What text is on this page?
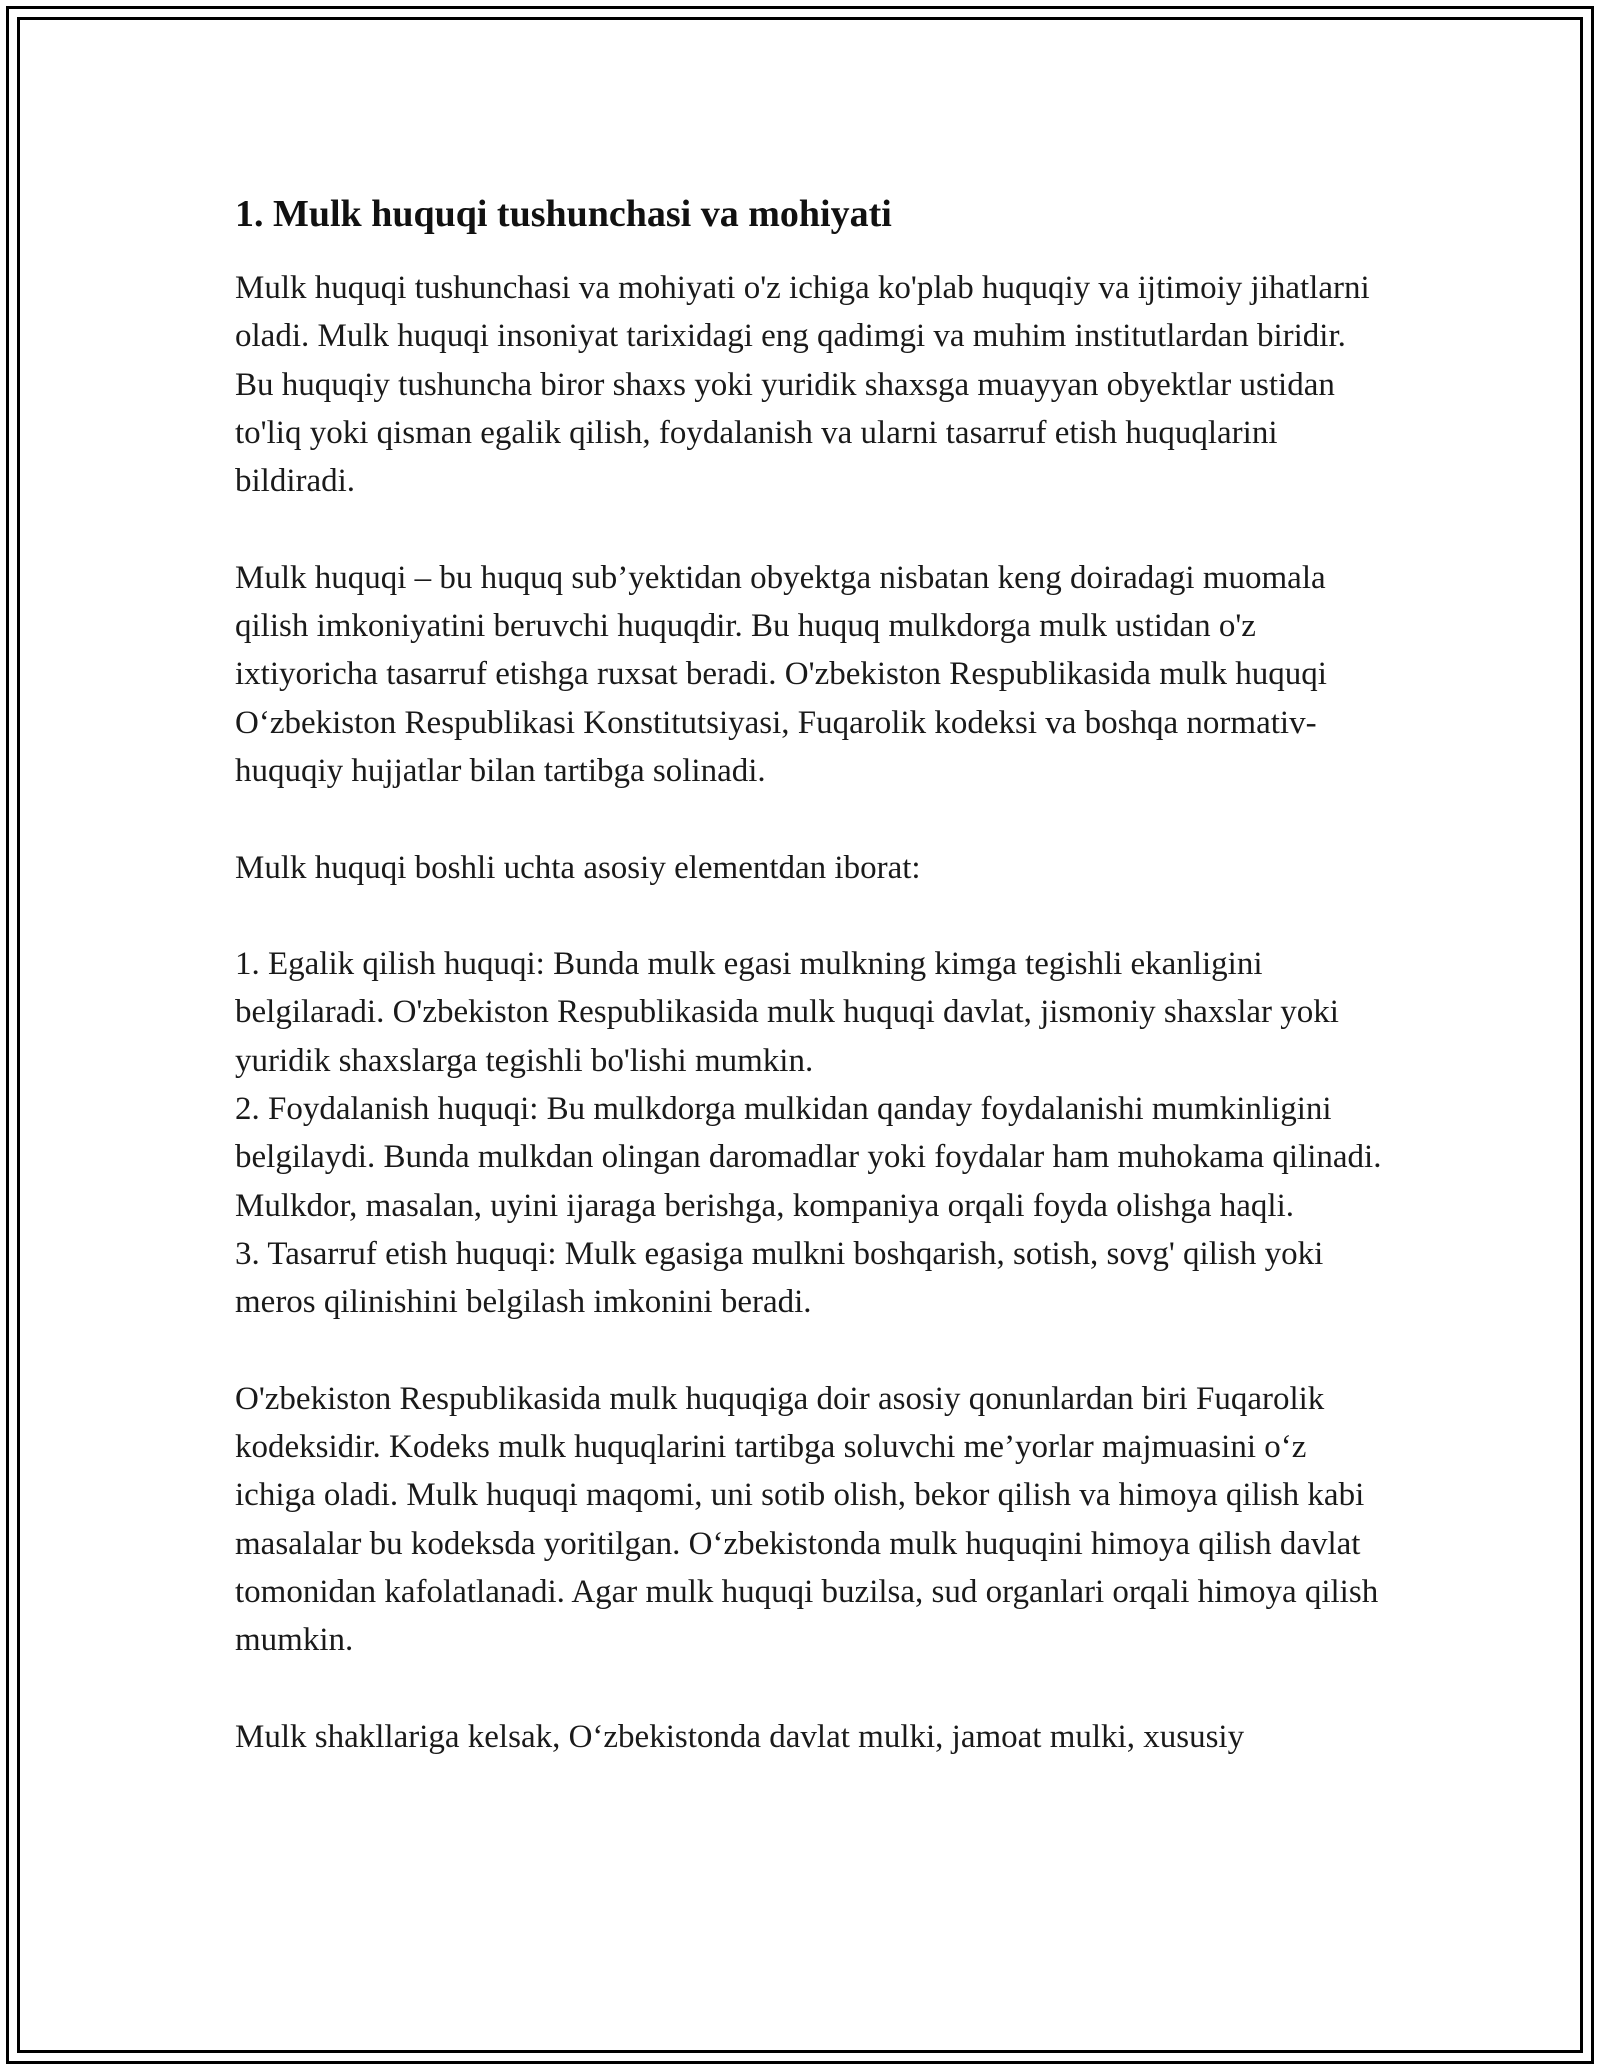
1. Mulk huquqi tushunchasi va mohiyati

Mulk huquqi tushunchasi va mohiyati o'z ichiga ko'plab huquqiy va ijtimoiy jihatlarni oladi. Mulk huquqi insoniyat tarixidagi eng qadimgi va muhim institutlardan biridir. Bu huquqiy tushuncha biror shaxs yoki yuridik shaxsga muayyan obyektlar ustidan to'liq yoki qisman egalik qilish, foydalanish va ularni tasarruf etish huquqlarini bildiradi.

Mulk huquqi – bu huquq sub’yektidan obyektga nisbatan keng doiradagi muomala qilish imkoniyatini beruvchi huquqdir. Bu huquq mulkdorga mulk ustidan o'z ixtiyoricha tasarruf etishga ruxsat beradi. O'zbekiston Respublikasida mulk huquqi O‘zbekiston Respublikasi Konstitutsiyasi, Fuqarolik kodeksi va boshqa normativ-huquqiy hujjatlar bilan tartibga solinadi.

Mulk huquqi boshli uchta asosiy elementdan iborat:

1. Egalik qilish huquqi: Bunda mulk egasi mulkning kimga tegishli ekanligini belgilaradi. O'zbekiston Respublikasida mulk huquqi davlat, jismoniy shaxslar yoki yuridik shaxslarga tegishli bo'lishi mumkin.

2. Foydalanish huquqi: Bu mulkdorga mulkidan qanday foydalanishi mumkinligini belgilaydi. Bunda mulkdan olingan daromadlar yoki foydalar ham muhokama qilinadi. Mulkdor, masalan, uyini ijaraga berishga, kompaniya orqali foyda olishga haqli.

3. Tasarruf etish huquqi: Mulk egasiga mulkni boshqarish, sotish, sovg' qilish yoki meros qilinishini belgilash imkonini beradi.

O'zbekiston Respublikasida mulk huquqiga doir asosiy qonunlardan biri Fuqarolik kodeksidir. Kodeks mulk huquqlarini tartibga soluvchi me’yorlar majmuasini o‘z ichiga oladi. Mulk huquqi maqomi, uni sotib olish, bekor qilish va himoya qilish kabi masalalar bu kodeksda yoritilgan. O‘zbekistonda mulk huquqini himoya qilish davlat tomonidan kafolatlanadi. Agar mulk huquqi buzilsa, sud organlari orqali himoya qilish mumkin.

Mulk shakllariga kelsak, O‘zbekistonda davlat mulki, jamoat mulki, xususiy
